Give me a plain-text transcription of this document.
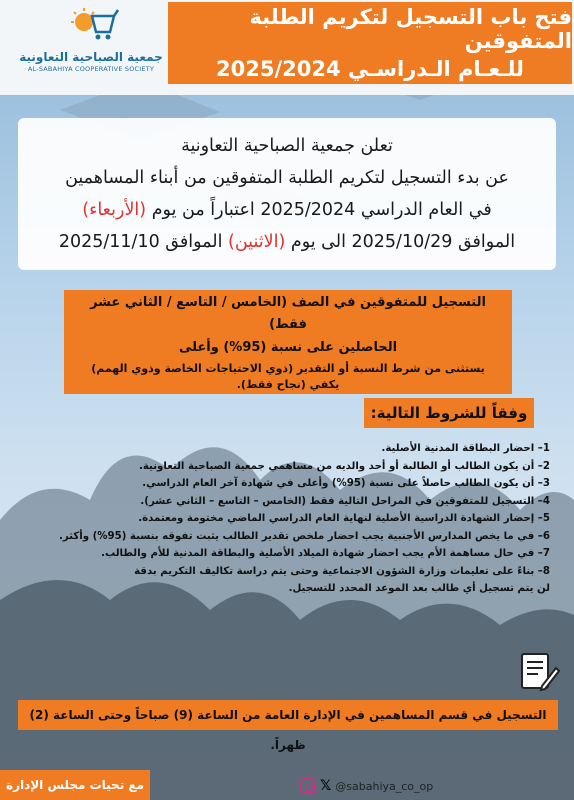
جمعية الصباحية التعاونية
AL-SABAHIYA COOPERATIVE SOCIETY
فتح باب التسجيل لتكريم الطلبة المتفوقين
للـعـام الـدراسـي 2025/2024
تعلن جمعية الصباحية التعاونية
عن بدء التسجيل لتكريم الطلبة المتفوقين من أبناء المساهمين
في العام الدراسي 2025/2024 اعتباراً من يوم (الأربعاء)
الموافق 2025/10/29 الى يوم (الاثنين) الموافق 2025/11/10
التسجيل للمتفوقين في الصف (الخامس / التاسع / الثاني عشر فقط)
الحاصلين على نسبة (95%) وأعلى
يستثنى من شرط النسبة أو التقدير (ذوي الاحتياجات الخاصة وذوي الهمم)
يكفي (نجاح فقط).
وفقاً للشروط التالية:
1– احضار البطاقة المدنية الأصلية.
2– أن يكون الطالب أو الطالبة أو أحد والديه من مساهمي جمعية الصباحية التعاونية.
3– أن يكون الطالب حاصلاً على نسبة (95%) وأعلى في شهادة آخر العام الدراسي.
4– التسجيل للمتفوقين في المراحل التالية فقط (الخامس – التاسع – الثاني عشر).
5– إحضار الشهادة الدراسية الأصلية لنهاية العام الدراسي الماضي مختومة ومعتمدة.
6– في ما يخص المدارس الأجنبية يجب احضار ملخص تقدير الطالب يثبت تفوقه بنسبة (95%) وأكثر.
7– في حال مساهمة الأم يجب احضار شهادة الميلاد الأصلية والبطاقة المدنية للأم والطالب.
8– بناءً على تعليمات وزارة الشؤون الاجتماعية وحتى يتم دراسة تكاليف التكريم بدقة
لن يتم تسجيل أي طالب بعد الموعد المحدد للتسجيل.
التسجيل في قسم المساهمين في الإدارة العامة من الساعة (9) صباحاً وحتى الساعة (2) ظهراً.
مع تحيات مجلس الإدارة	𝕏 @sabahiya_co_op
